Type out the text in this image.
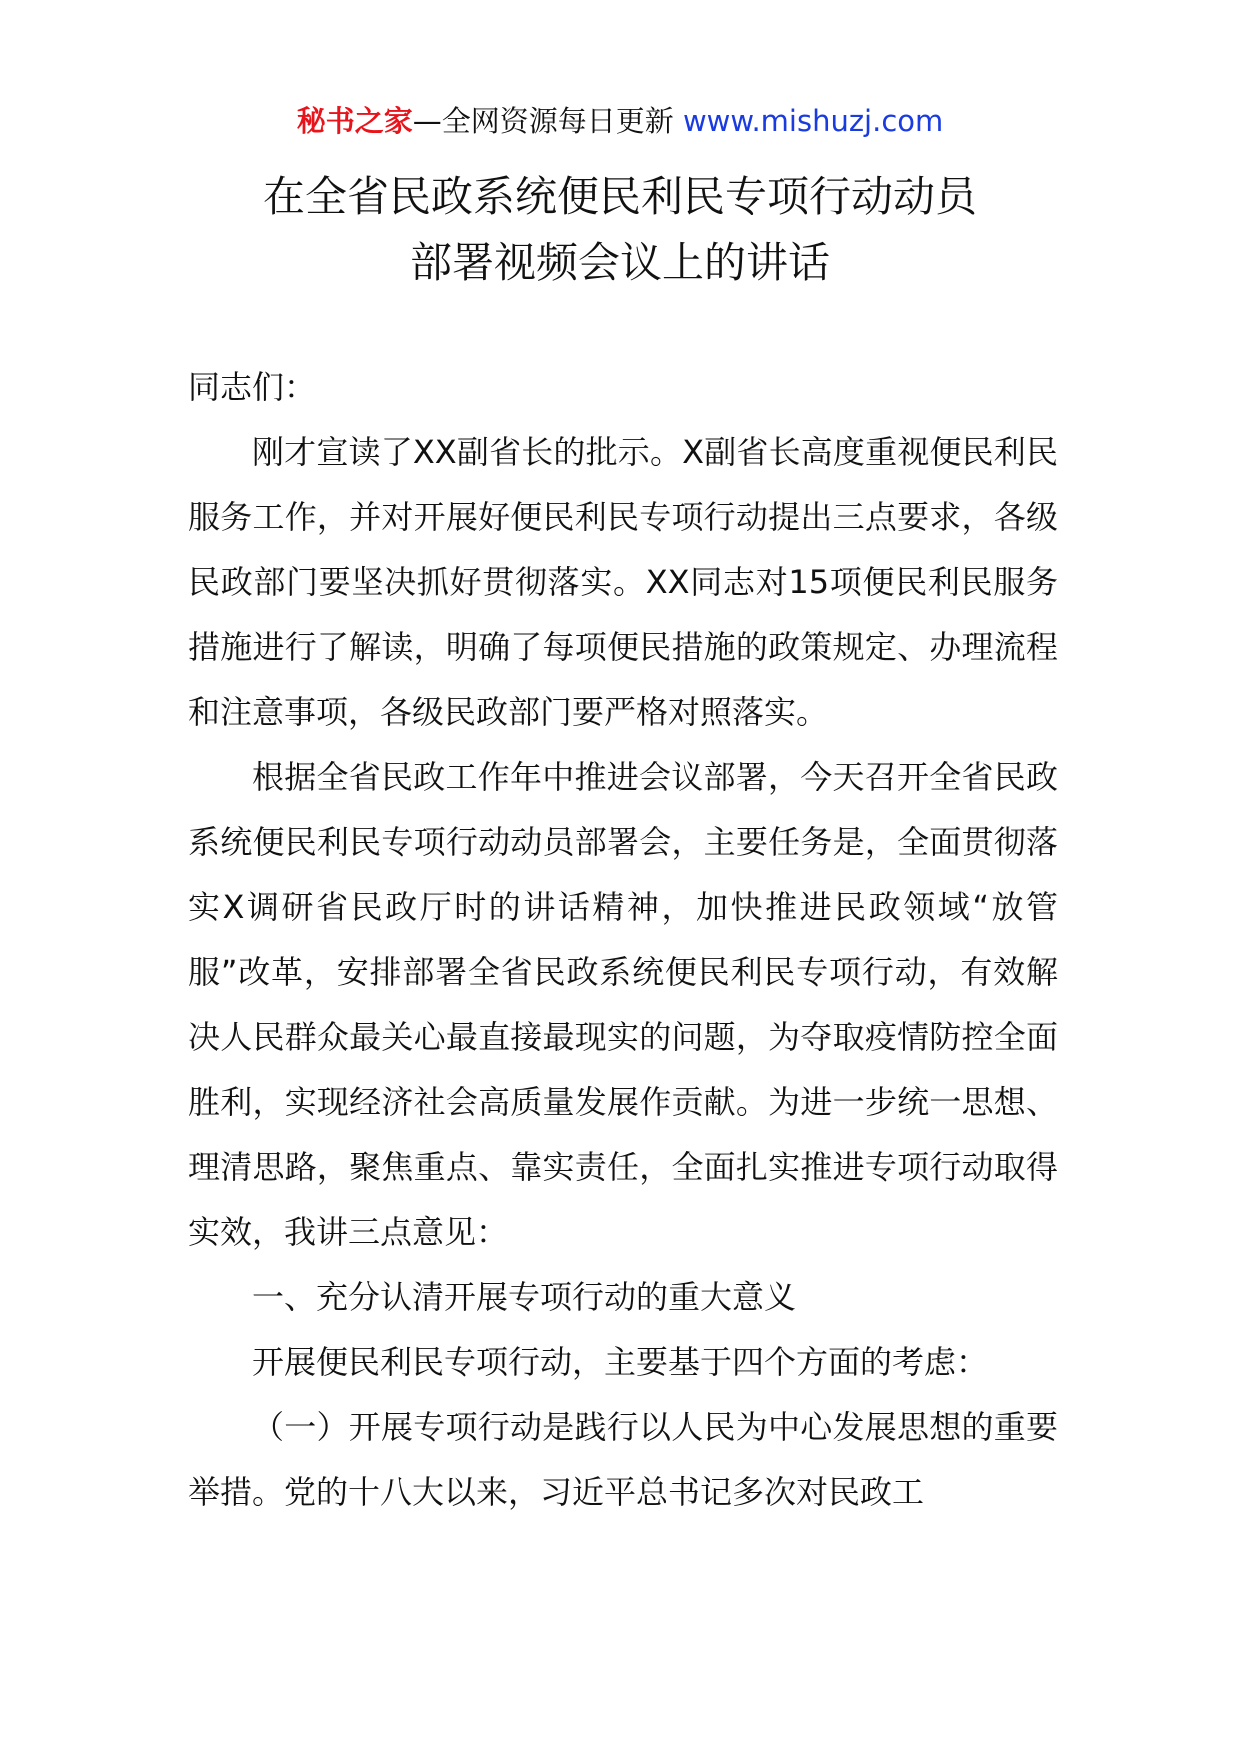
秘书之家—全网资源每日更新 www.mishuzj.com
在全省民政系统便民利民专项行动动员
部署视频会议上的讲话

同志们：

刚才宣读了XX副省长的批示。X副省长高度重视便民利民服务工作，并对开展好便民利民专项行动提出三点要求，各级民政部门要坚决抓好贯彻落实。XX同志对15项便民利民服务措施进行了解读，明确了每项便民措施的政策规定、办理流程和注意事项，各级民政部门要严格对照落实。

根据全省民政工作年中推进会议部署，今天召开全省民政系统便民利民专项行动动员部署会，主要任务是，全面贯彻落实X调研省民政厅时的讲话精神，加快推进民政领域“放管服”改革，安排部署全省民政系统便民利民专项行动，有效解决人民群众最关心最直接最现实的问题，为夺取疫情防控全面胜利，实现经济社会高质量发展作贡献。为进一步统一思想、理清思路，聚焦重点、靠实责任，全面扎实推进专项行动取得实效，我讲三点意见：

一、充分认清开展专项行动的重大意义

开展便民利民专项行动，主要基于四个方面的考虑：

（一）开展专项行动是践行以人民为中心发展思想的重要举措。党的十八大以来，习近平总书记多次对民政工
